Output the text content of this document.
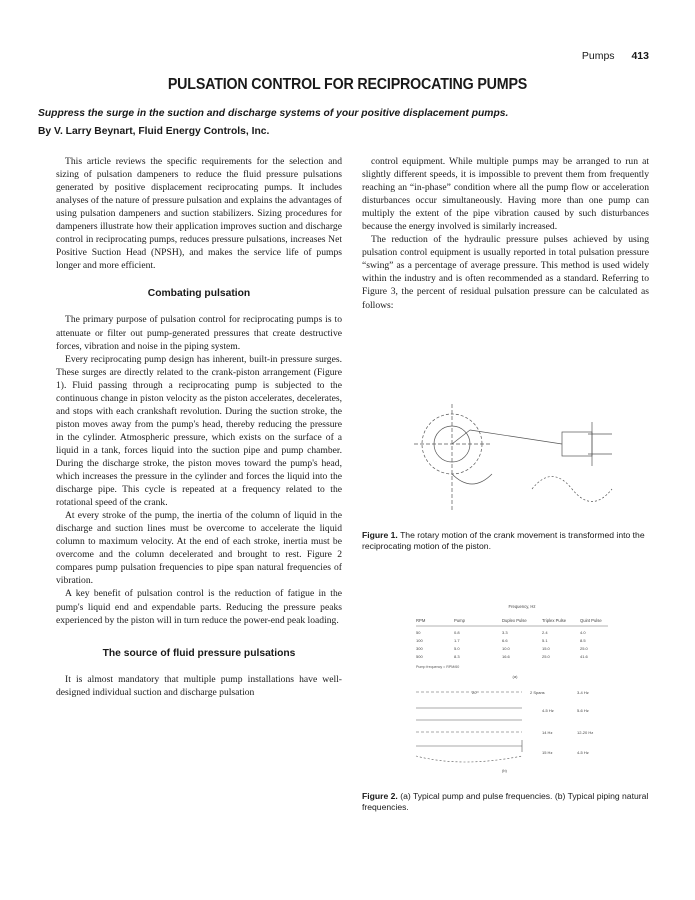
Pumps 413
PULSATION CONTROL FOR RECIPROCATING PUMPS
Suppress the surge in the suction and discharge systems of your positive displacement pumps.
By V. Larry Beynart, Fluid Energy Controls, Inc.

This article reviews the specific requirements for the selection and sizing of pulsation dampeners to reduce the fluid pressure pulsations generated by positive displacement reciprocating pumps. It includes analyses of the nature of pressure pulsation and explains the advantages of using pulsation dampeners and suction stabilizers. Sizing procedures for dampeners illustrate how their application improves suction and discharge control in reciprocating pumps, reduces pressure pulsations, increases Net Positive Suction Head (NPSH), and makes the service life of pumps longer and more efficient.

Combating pulsation

The primary purpose of pulsation control for reciprocating pumps is to attenuate or filter out pump-generated pressures that create destructive forces, vibration and noise in the piping system.

Every reciprocating pump design has inherent, built-in pressure surges. These surges are directly related to the crank-piston arrangement (Figure 1). Fluid passing through a reciprocating pump is subjected to the continuous change in piston velocity as the piston accelerates, decelerates, and stops with each crankshaft revolution. During the suction stroke, the piston moves away from the pump's head, thereby reducing the pressure in the cylinder. Atmospheric pressure, which exists on the surface of a liquid in a tank, forces liquid into the suction pipe and pump chamber. During the discharge stroke, the piston moves toward the pump's head, which increases the pressure in the cylinder and forces the liquid into the discharge pipe. This cycle is repeated at a frequency related to the rotational speed of the crank.

At every stroke of the pump, the inertia of the column of liquid in the discharge and suction lines must be overcome to accelerate the liquid column to maximum velocity. At the end of each stroke, inertia must be overcome and the column decelerated and brought to rest. Figure 2 compares pump pulsation frequencies to pipe span natural frequencies of vibration.

A key benefit of pulsation control is the reduction of fatigue in the pump's liquid end and expendable parts. Reducing the pressure peaks experienced by the piston will in turn reduce the power-end peak loading.

The source of fluid pressure pulsations

It is almost mandatory that multiple pump installations have well-designed individual suction and discharge pulsation

control equipment. While multiple pumps may be arranged to run at slightly different speeds, it is impossible to prevent them from frequently reaching an “in-phase” condition where all the pump flow or acceleration disturbances occur simultaneously. Having more than one pump can multiply the extent of the pipe vibration caused by such disturbances because the energy involved is similarly increased.

The reduction of the hydraulic pressure pulses achieved by using pulsation control equipment is usually reported in total pulsation pressure “swing” as a percentage of average pressure. This method is used widely within the industry and is often recommended as a standard. Referring to Figure 3, the percent of residual pulsation pressure can be calculated as follows:

Figure 1. The rotary motion of the crank movement is transformed into the reciprocating motion of the piston.
Frequency, Hz
RPM	Pump	Duplex Pulse	Triplex Pulse	Quint Pulse
50	0.8	3.3	2.4	4.0
100	1.7	6.6	5.1	8.5
300	5.0	10.0	15.0	25.0
500	8.3	16.6	25.0	41.6
Pump frequency = RPM/60
(a)
20'	2 Spans	3-4 Hz
4-5 Hz	5-6 Hz
14 Hz	12-20 Hz
15 Hz	4-5 Hz
(b)
Figure 2. (a) Typical pump and pulse frequencies. (b) Typical piping natural frequencies.
